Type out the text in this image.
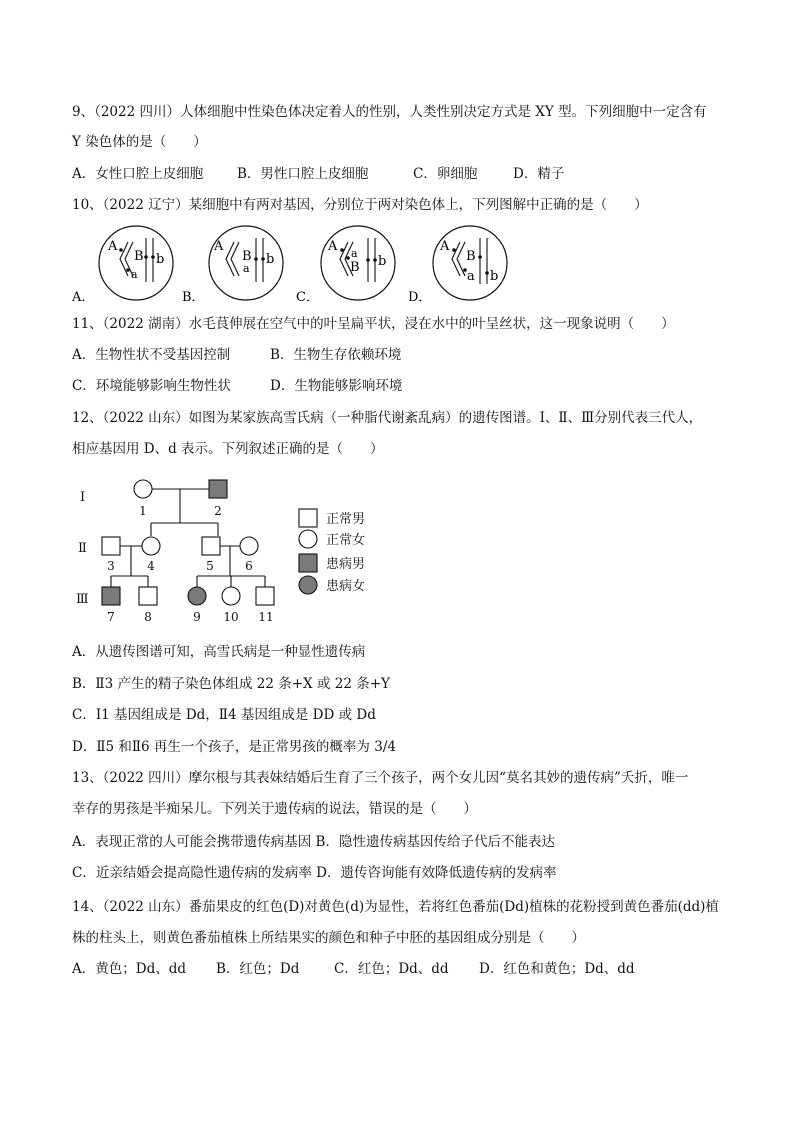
9、（2022 四川）人体细胞中性染色体决定着人的性别，人类性别决定方式是 XY 型。下列细胞中一定含有
Y 染色体的是（　　）
A．女性口腔上皮细胞	B．男性口腔上皮细胞	C．卵细胞	D．精子
10、（2022 辽宁）某细胞中有两对基因，分别位于两对染色体上，下列图解中正确的是（　　）
A．
A
B
a
b
B．
A
B
a
b
C．
A a
B b
D．
A
B
a b
11、（2022 湖南）水毛茛伸展在空气中的叶呈扁平状，浸在水中的叶呈丝状，这一现象说明（　　）
A．生物性状不受基因控制	B．生物生存依赖环境
C．环境能够影响生物性状	D．生物能够影响环境
12、（2022 山东）如图为某家族高雪氏病（一种脂代谢紊乱病）的遗传图谱。Ⅰ、Ⅱ、Ⅲ分别代表三代人，
相应基因用 D、d 表示。下列叙述正确的是（　　）
Ⅰ
Ⅱ
Ⅲ
1	2
3	4	5	6
7 8	9 10 11
正常男
正常女
患病男
患病女
A．从遗传图谱可知，高雪氏病是一种显性遗传病
B．Ⅱ3 产生的精子染色体组成 22 条+X 或 22 条+Y
C．Ⅰ1 基因组成是 Dd，Ⅱ4 基因组成是 DD 或 Dd
D．Ⅱ5 和Ⅱ6 再生一个孩子，是正常男孩的概率为 3/4
13、（2022 四川）摩尔根与其表妹结婚后生育了三个孩子，两个女儿因“莫名其妙的遗传病”夭折，唯一
幸存的男孩是半痴呆儿。下列关于遗传病的说法，错误的是（　　）
A．表现正常的人可能会携带遗传病基因 B．隐性遗传病基因传给子代后不能表达
C．近亲结婚会提高隐性遗传病的发病率 D．遗传咨询能有效降低遗传病的发病率
14、（2022 山东）番茄果皮的红色(D)对黄色(d)为显性，若将红色番茄(Dd)植株的花粉授到黄色番茄(dd)植
株的柱头上，则黄色番茄植株上所结果实的颜色和种子中胚的基因组成分别是（　　）
A．黄色；Dd、dd B．红色；Dd	C．红色；Dd、dd D．红色和黄色；Dd、dd
